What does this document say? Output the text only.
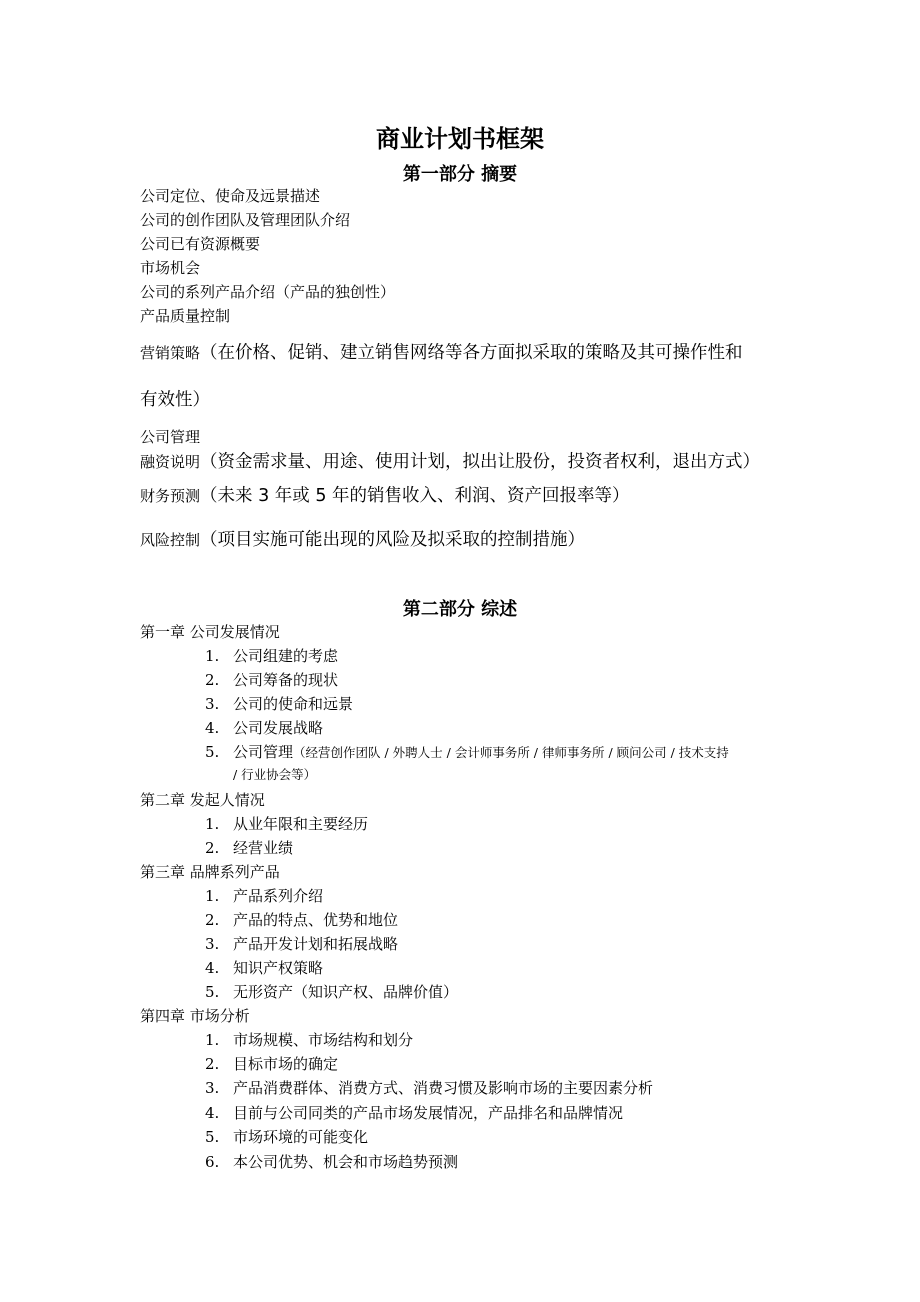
商业计划书框架
第一部分 摘要
公司定位、使命及远景描述
公司的创作团队及管理团队介绍
公司已有资源概要
市场机会
公司的系列产品介绍（产品的独创性）
产品质量控制
营销策略（在价格、促销、建立销售网络等各方面拟采取的策略及其可操作性和
有效性）
公司管理
融资说明（资金需求量、用途、使用计划，拟出让股份，投资者权利，退出方式）
财务预测（未来 3 年或 5 年的销售收入、利润、资产回报率等）
风险控制（项目实施可能出现的风险及拟采取的控制措施）
第二部分 综述
第一章 公司发展情况
1. 公司组建的考虑
2. 公司筹备的现状
3. 公司的使命和远景
4. 公司发展战略
5. 公司管理（经营创作团队 / 外聘人士 / 会计师事务所 / 律师事务所 / 顾问公司 / 技术支持
/ 行业协会等）
第二章 发起人情况
1. 从业年限和主要经历
2. 经营业绩
第三章 品牌系列产品
1. 产品系列介绍
2. 产品的特点、优势和地位
3. 产品开发计划和拓展战略
4. 知识产权策略
5. 无形资产（知识产权、品牌价值）
第四章 市场分析
1. 市场规模、市场结构和划分
2. 目标市场的确定
3. 产品消费群体、消费方式、消费习惯及影响市场的主要因素分析
4. 目前与公司同类的产品市场发展情况，产品排名和品牌情况
5. 市场环境的可能变化
6. 本公司优势、机会和市场趋势预测
